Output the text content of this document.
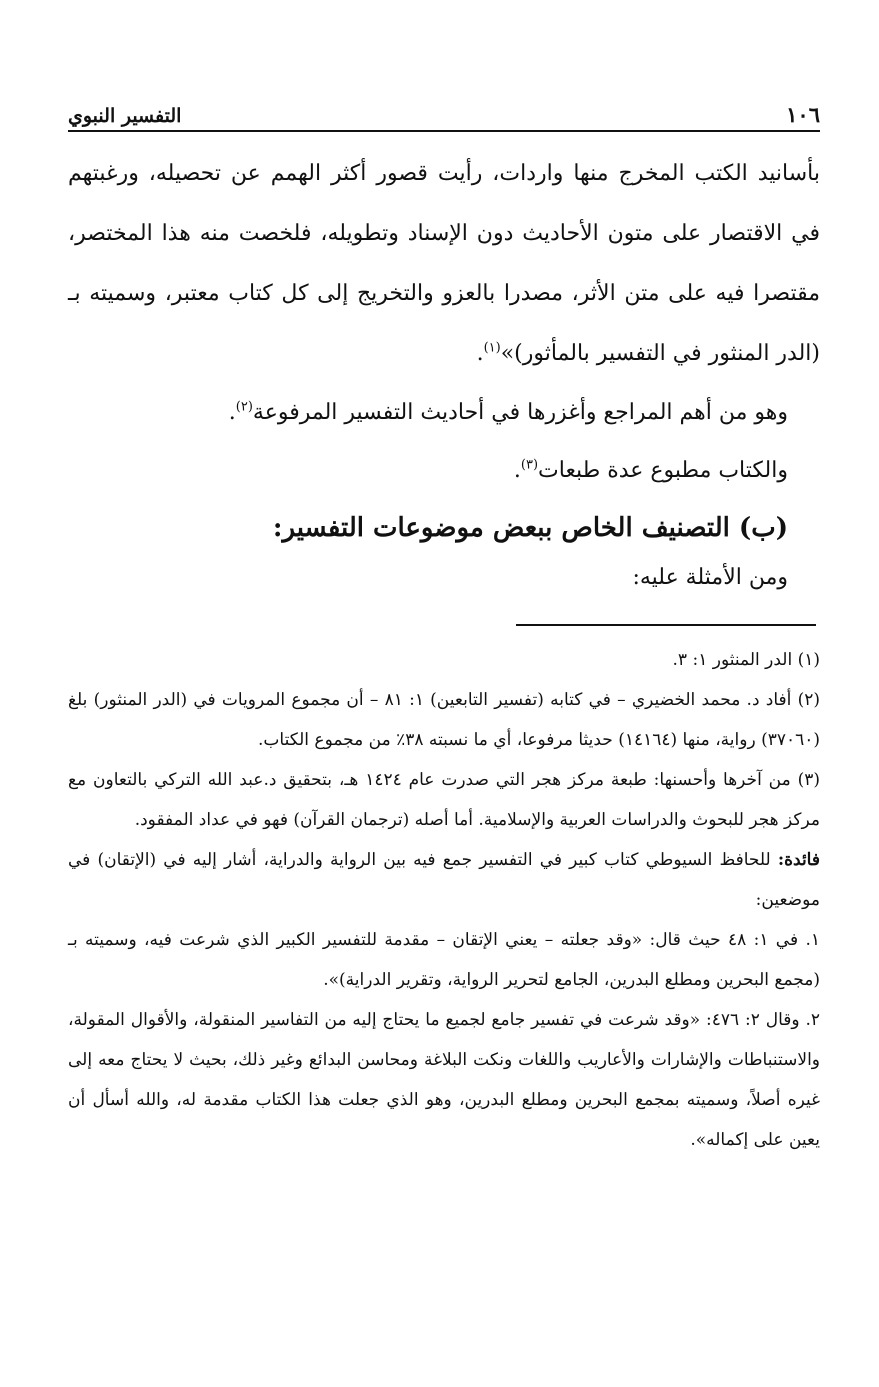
التفسير النبوي	١٠٦

بأسانيد الكتب المخرج منها واردات، رأيت قصور أكثر الهمم عن تحصيله، ورغبتهم في الاقتصار على متون الأحاديث دون الإسناد وتطويله، فلخصت منه هذا المختصر، مقتصرا فيه على متن الأثر، مصدرا بالعزو والتخريج إلى كل كتاب معتبر، وسميته بـ (الدر المنثور في التفسير بالمأثور)»$^{(١)}$.

وهو من أهم المراجع وأغزرها في أحاديث التفسير المرفوعة$^{(٢)}$.

والكتاب مطبوع عدة طبعات$^{(٣)}$.

(ب) التصنيف الخاص ببعض موضوعات التفسير:

ومن الأمثلة عليه:

(١) الدر المنثور ١: ٣.

(٢) أفاد د. محمد الخضيري – في كتابه (تفسير التابعين) ١: ٨١ – أن مجموع المرويات في (الدر المنثور) بلغ (٣٧٠٦٠) رواية، منها (١٤١٦٤) حديثا مرفوعا، أي ما نسبته ٣٨٪ من مجموع الكتاب.

(٣) من آخرها وأحسنها: طبعة مركز هجر التي صدرت عام ١٤٢٤ هـ، بتحقيق د.عبد الله التركي بالتعاون مع مركز هجر للبحوث والدراسات العربية والإسلامية. أما أصله (ترجمان القرآن) فهو في عداد المفقود.

فائدة: للحافظ السيوطي كتاب كبير في التفسير جمع فيه بين الرواية والدراية، أشار إليه في (الإتقان) في موضعين:

١. في ١: ٤٨ حيث قال: «وقد جعلته – يعني الإتقان – مقدمة للتفسير الكبير الذي شرعت فيه، وسميته بـ (مجمع البحرين ومطلع البدرين، الجامع لتحرير الرواية، وتقرير الدراية)».

٢. وقال ٢: ٤٧٦: «وقد شرعت في تفسير جامع لجميع ما يحتاج إليه من التفاسير المنقولة، والأقوال المقولة، والاستنباطات والإشارات والأعاريب واللغات ونكت البلاغة ومحاسن البدائع وغير ذلك، بحيث لا يحتاج معه إلى غيره أصلاً، وسميته بمجمع البحرين ومطلع البدرين، وهو الذي جعلت هذا الكتاب مقدمة له، والله أسأل أن يعين على إكماله».
